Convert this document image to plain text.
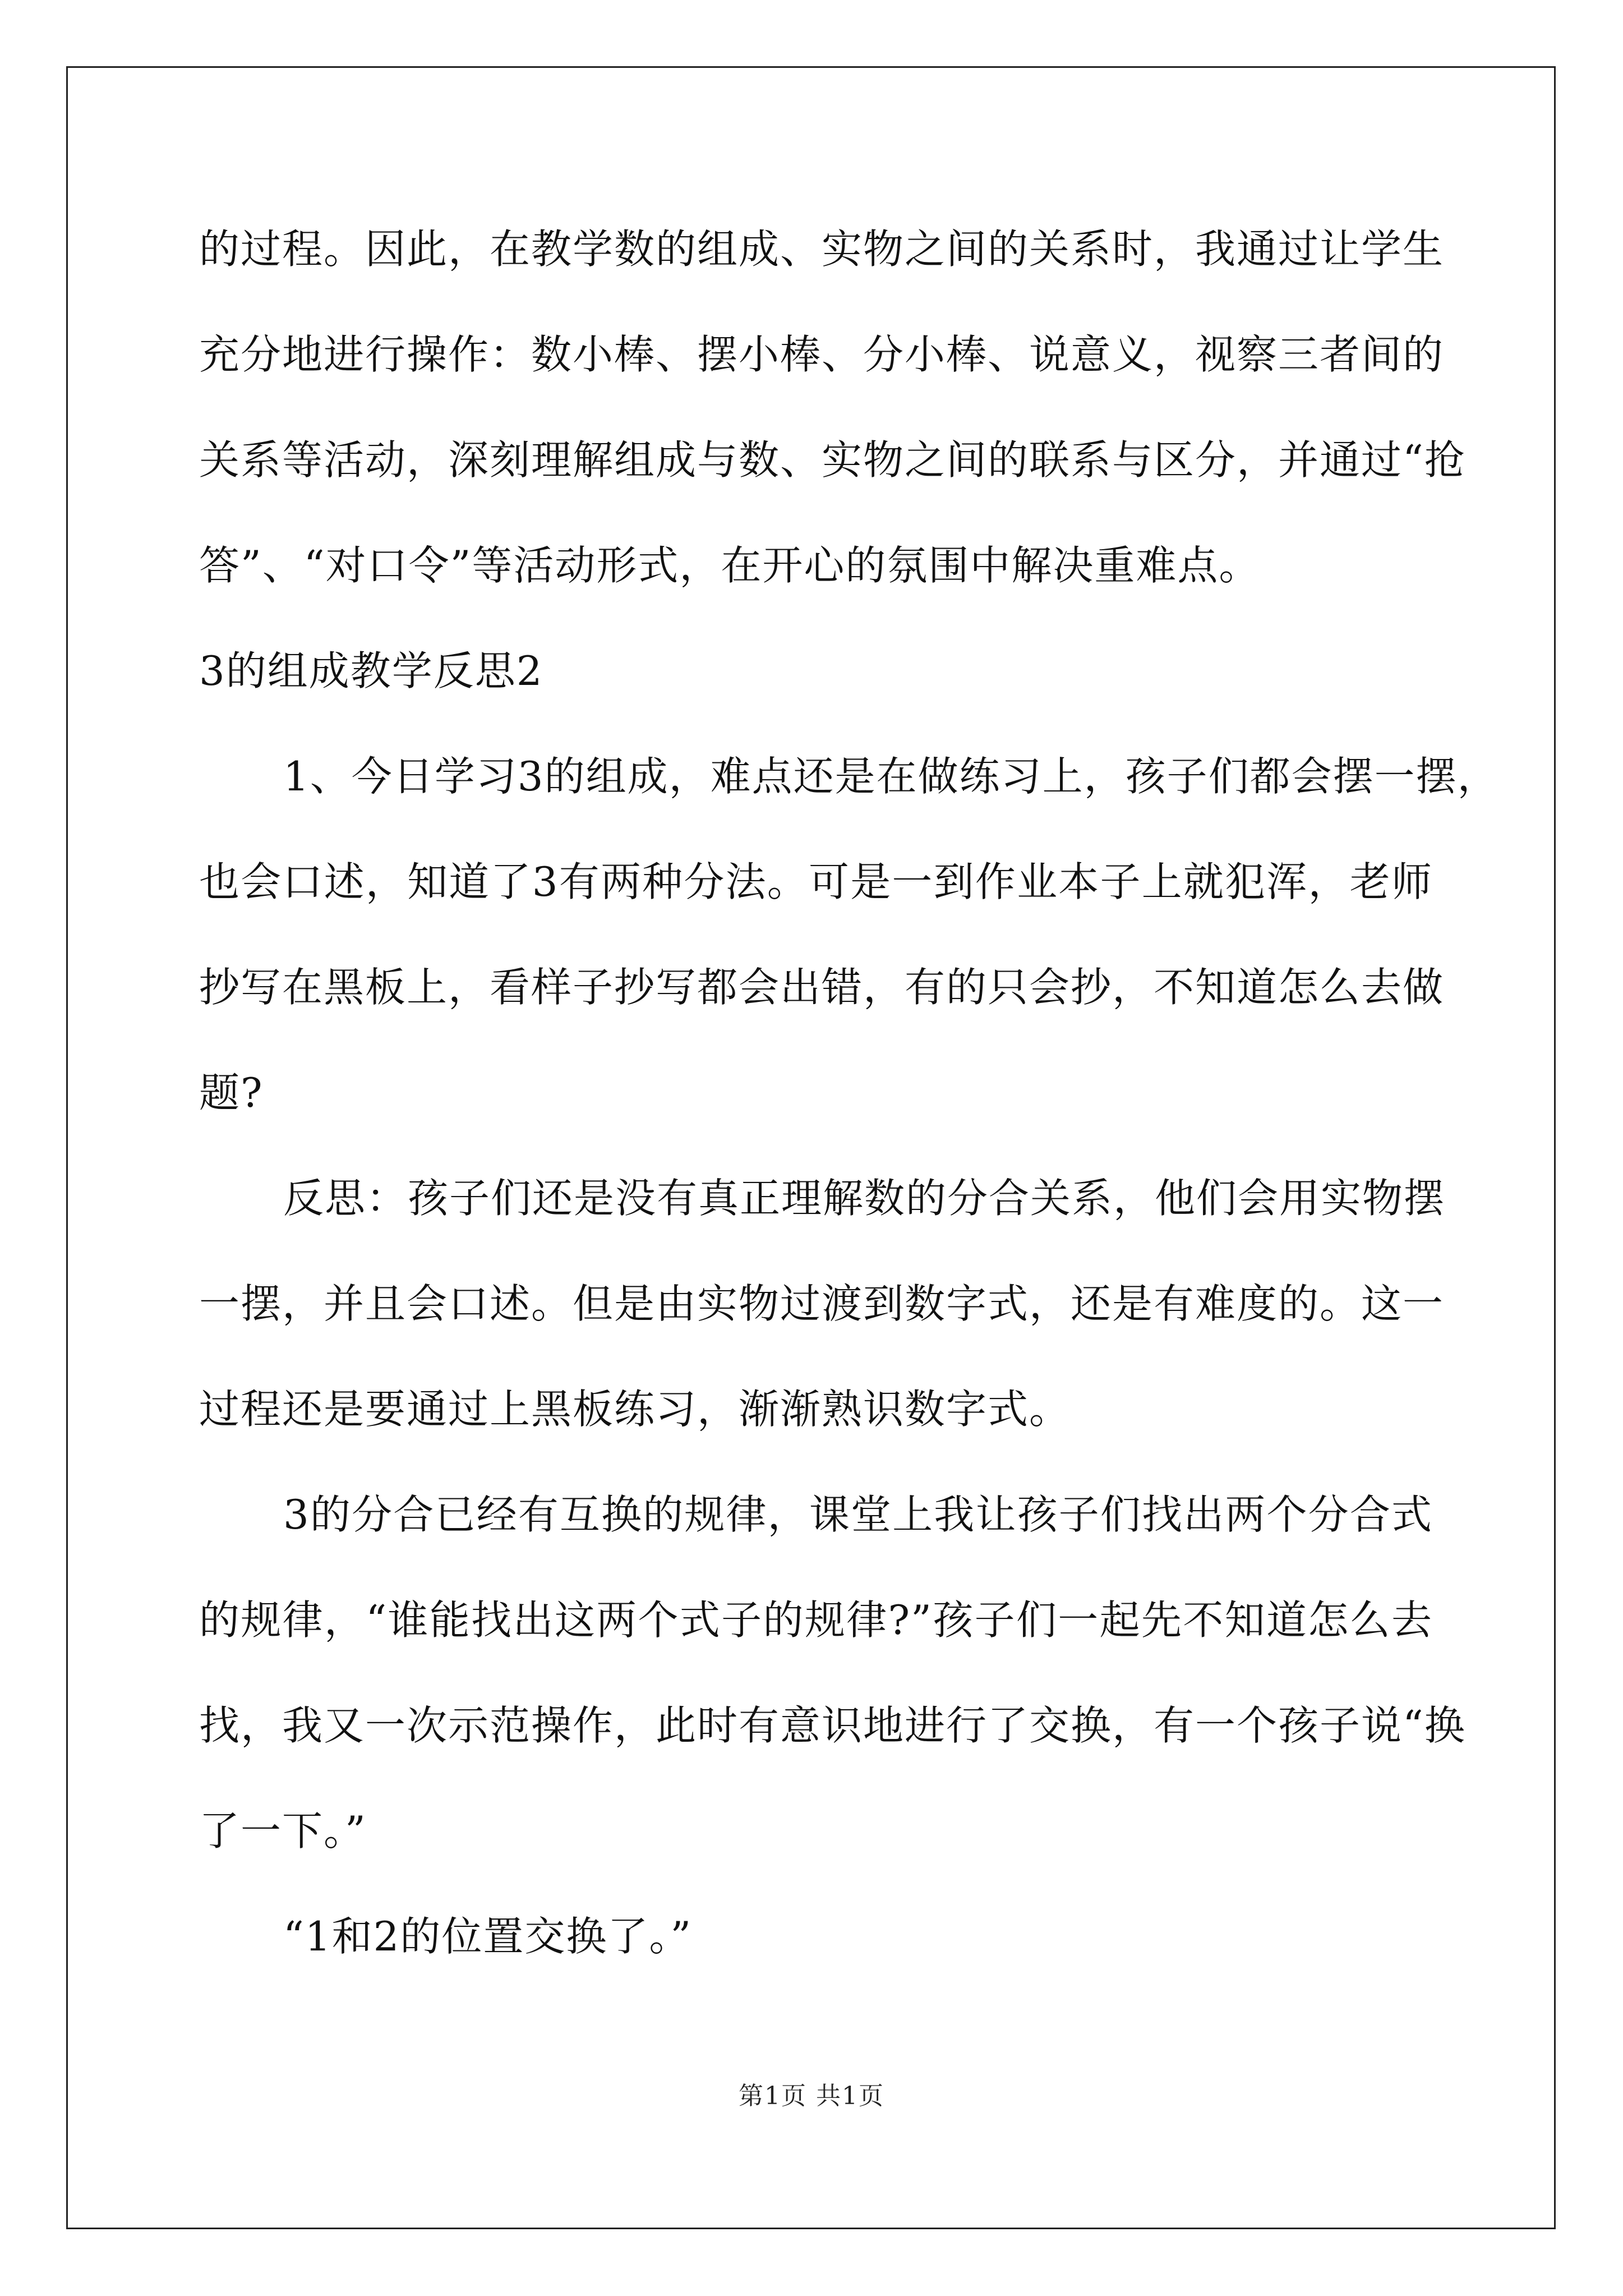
的过程。因此，在教学数的组成、实物之间的关系时，我通过让学生
充分地进行操作：数小棒、摆小棒、分小棒、说意义，视察三者间的
关系等活动，深刻理解组成与数、实物之间的联系与区分，并通过“抢
答”、“对口令”等活动形式，在开心的氛围中解决重难点。
3的组成教学反思2
1、今日学习3的组成，难点还是在做练习上，孩子们都会摆一摆，
也会口述，知道了3有两种分法。可是一到作业本子上就犯浑，老师
抄写在黑板上，看样子抄写都会出错，有的只会抄，不知道怎么去做
题?
反思：孩子们还是没有真正理解数的分合关系，他们会用实物摆
一摆，并且会口述。但是由实物过渡到数字式，还是有难度的。这一
过程还是要通过上黑板练习，渐渐熟识数字式。
3的分合已经有互换的规律，课堂上我让孩子们找出两个分合式
的规律，“谁能找出这两个式子的规律?”孩子们一起先不知道怎么去
找，我又一次示范操作，此时有意识地进行了交换，有一个孩子说“换
了一下。”
“1和2的位置交换了。”
第1页 共1页
